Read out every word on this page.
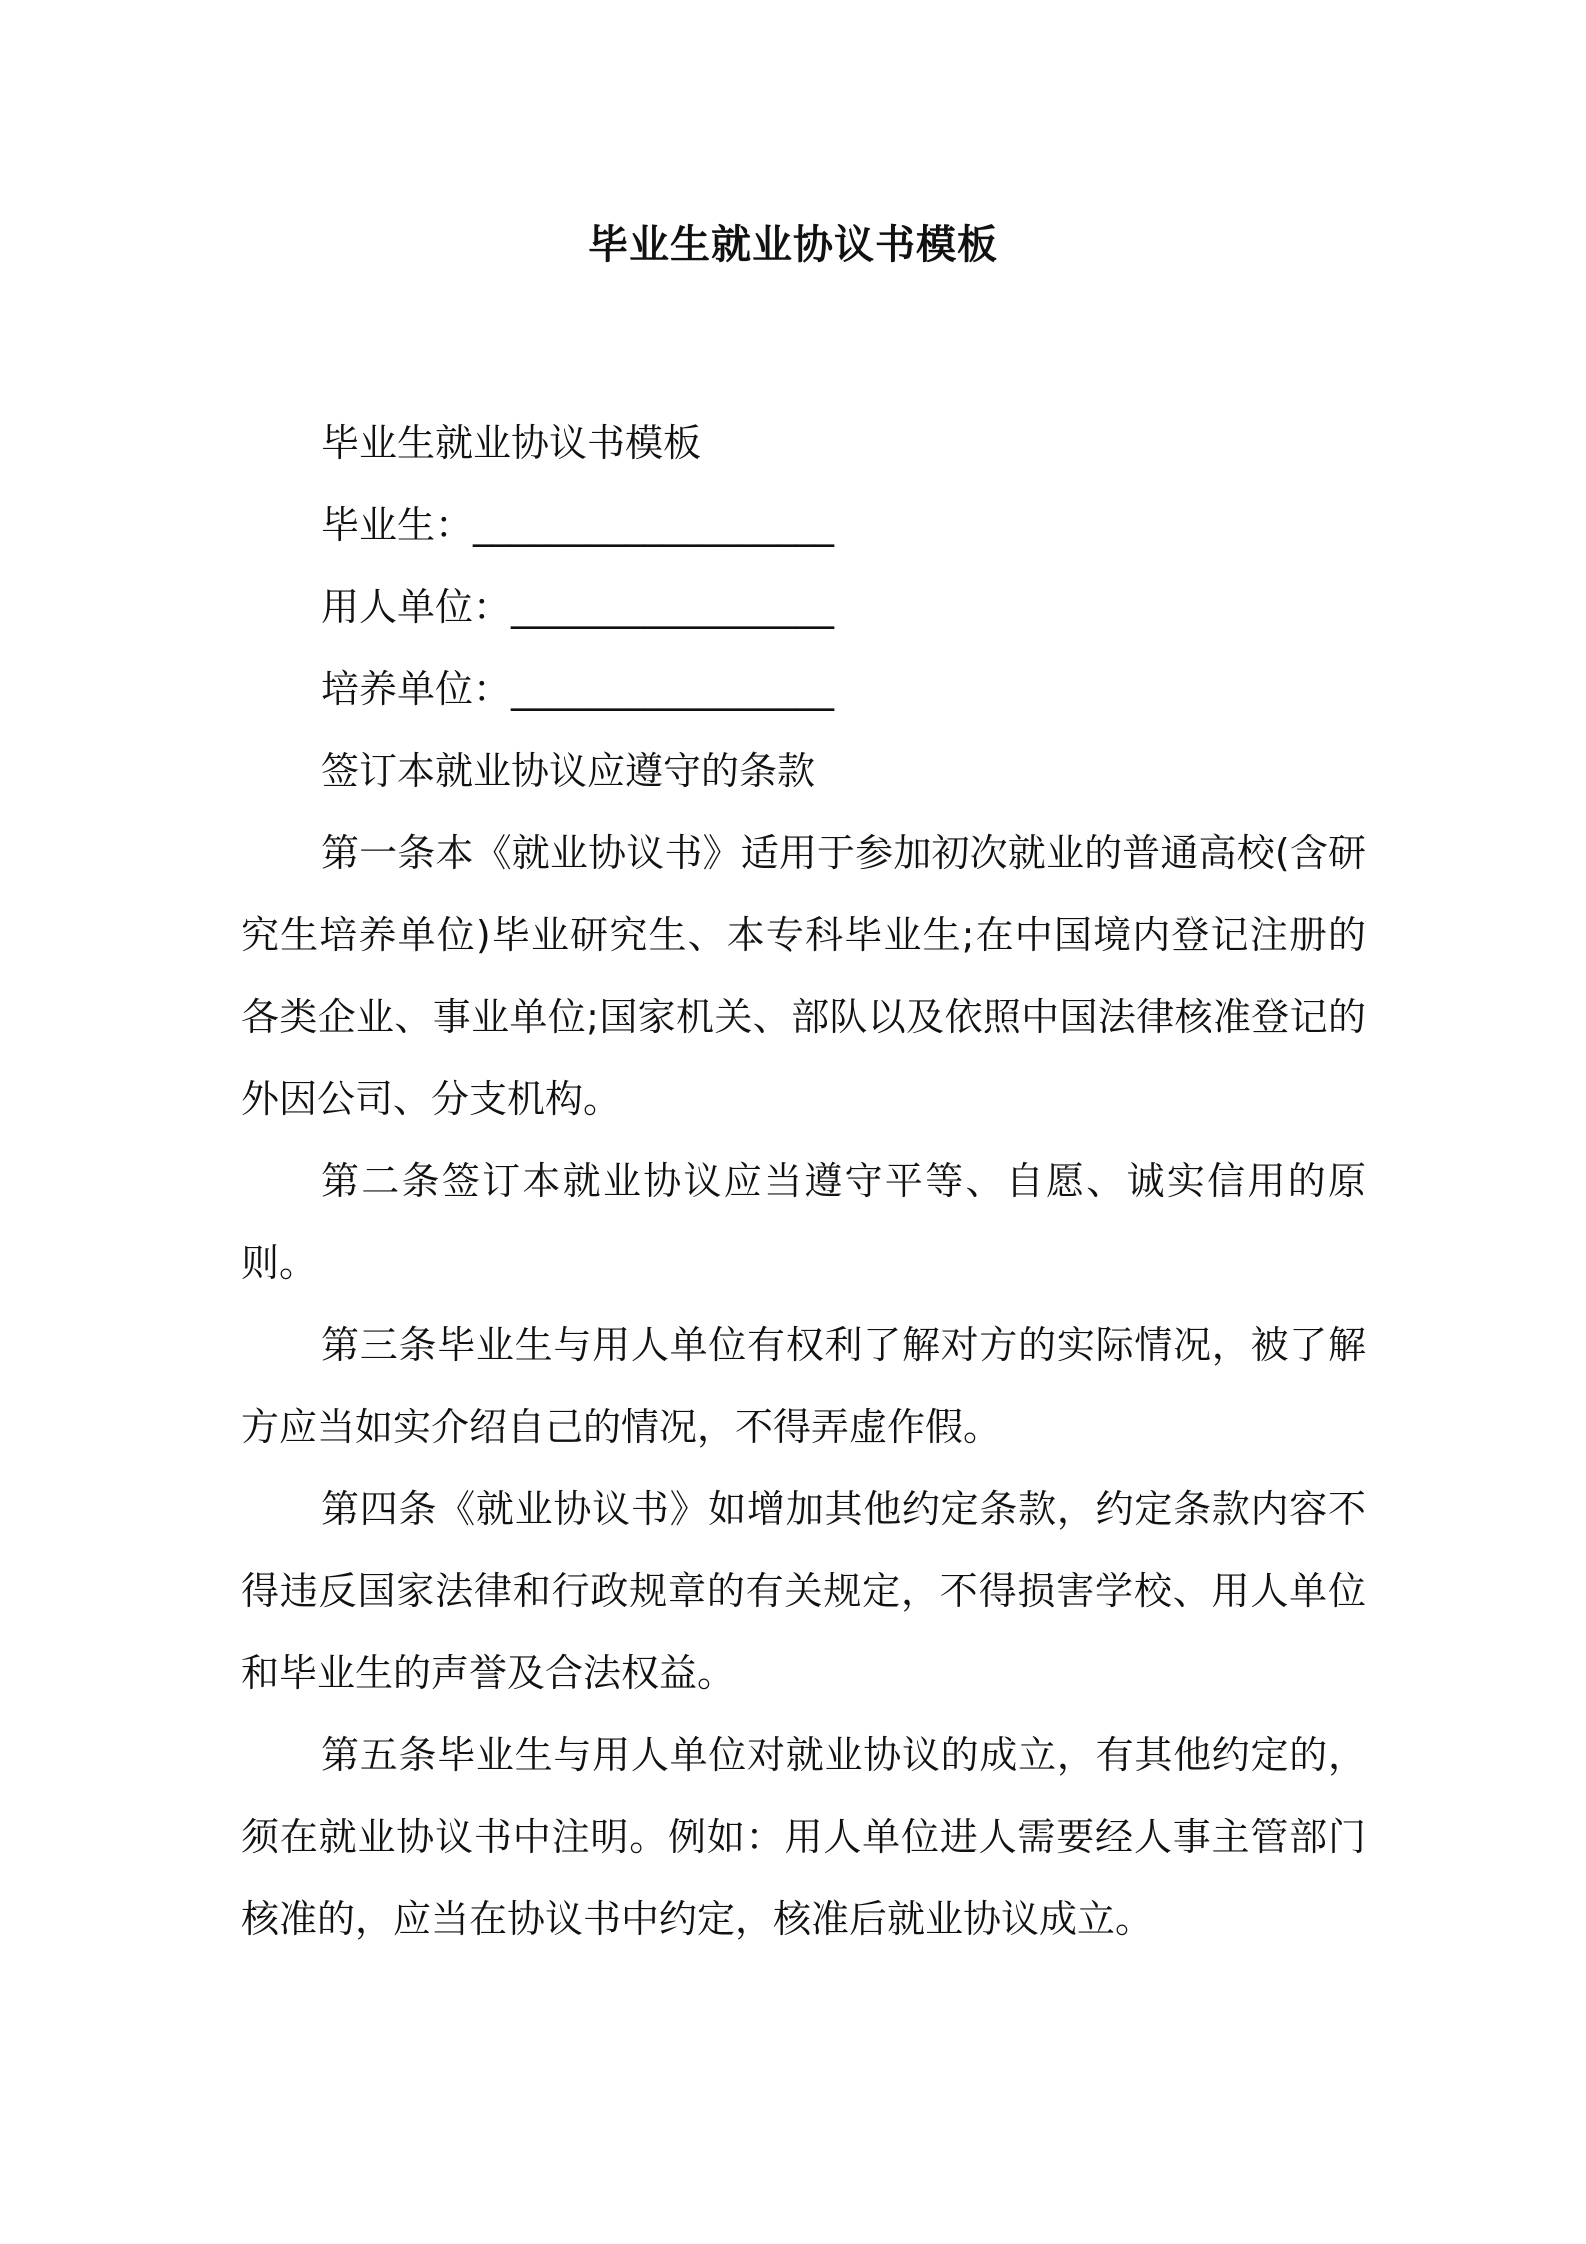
毕业生就业协议书模板

毕业生就业协议书模板

毕业生：___________________

用人单位：_________________

培养单位：_________________

签订本就业协议应遵守的条款

第一条本《就业协议书》适用于参加初次就业的普通高校(含研究生培养单位)毕业研究生、本专科毕业生;在中国境内登记注册的各类企业、事业单位;国家机关、部队以及依照中国法律核准登记的外因公司、分支机构。

第二条签订本就业协议应当遵守平等、自愿、诚实信用的原则。

第三条毕业生与用人单位有权利了解对方的实际情况，被了解方应当如实介绍自己的情况，不得弄虚作假。

第四条《就业协议书》如增加其他约定条款，约定条款内容不得违反国家法律和行政规章的有关规定，不得损害学校、用人单位和毕业生的声誉及合法权益。

第五条毕业生与用人单位对就业协议的成立，有其他约定的，须在就业协议书中注明。例如：用人单位进人需要经人事主管部门核准的，应当在协议书中约定，核准后就业协议成立。
